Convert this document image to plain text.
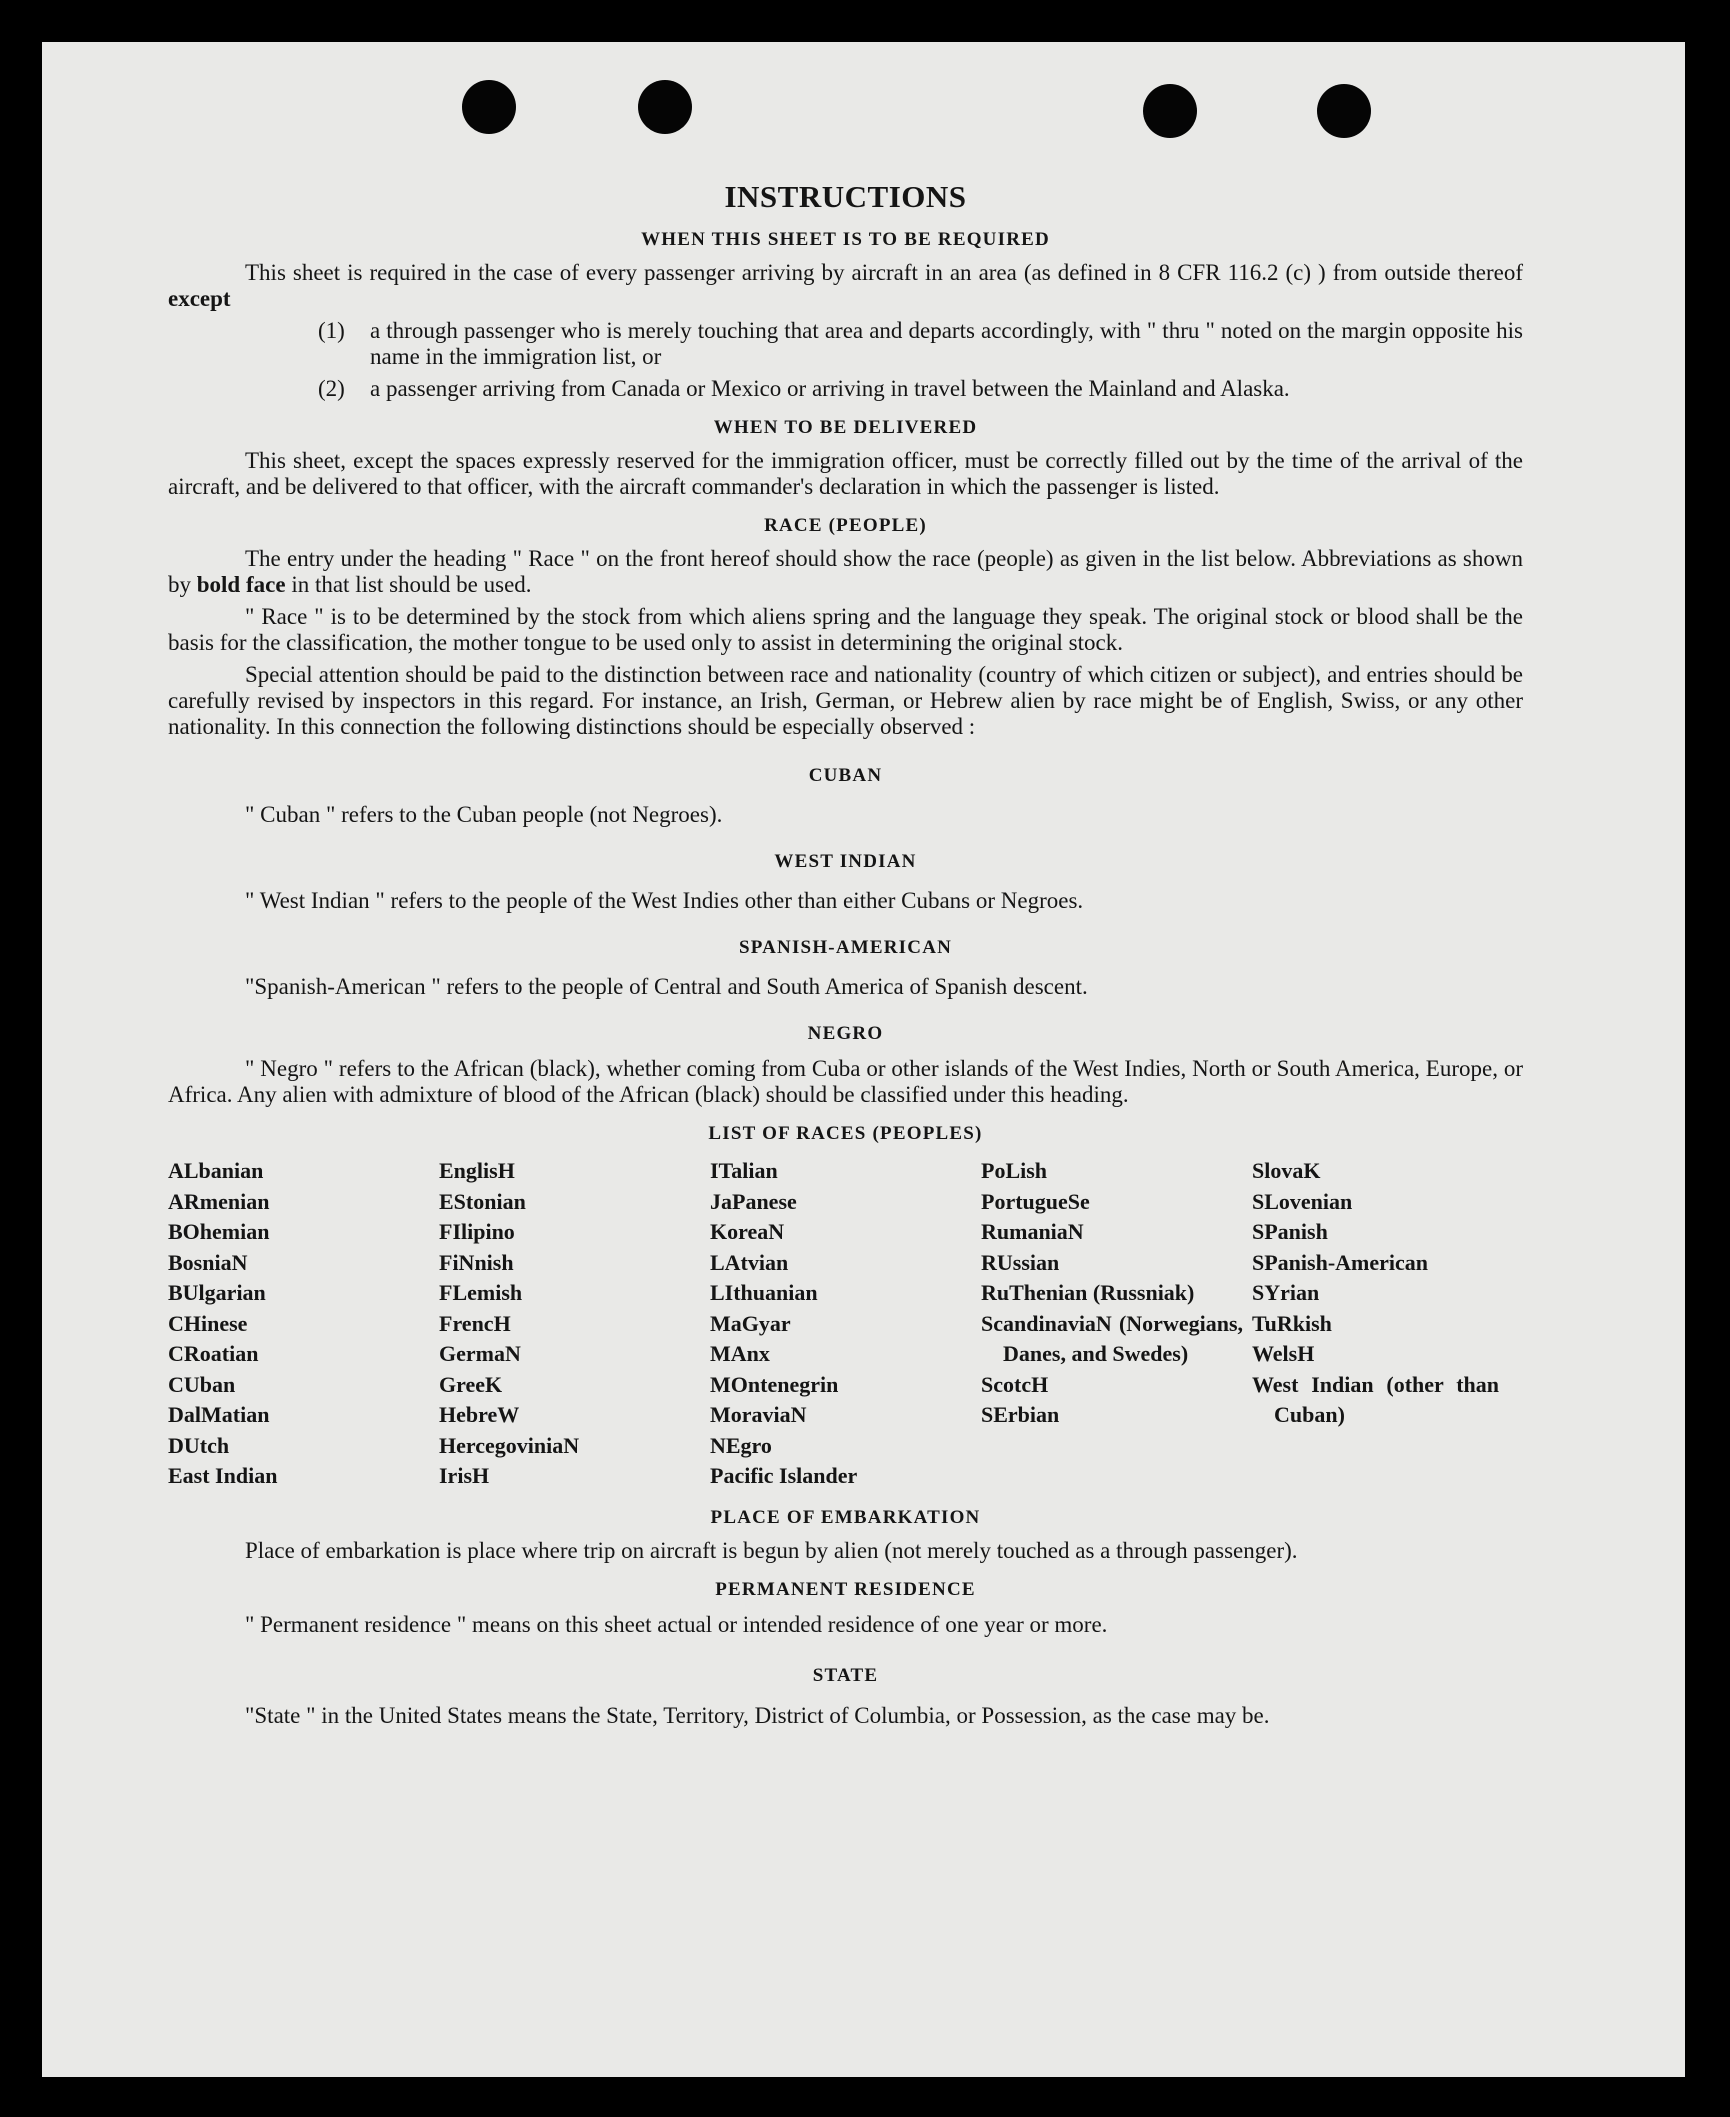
INSTRUCTIONS
WHEN THIS SHEET IS TO BE REQUIRED

This sheet is required in the case of every passenger arriving by aircraft in an area (as defined in 8 CFR 116.2 (c) ) from outside thereof except

(1)	a through passenger who is merely touching that area and departs accordingly, with " thru " noted on the margin opposite his name in the immigration list, or
(2)	a passenger arriving from Canada or Mexico or arriving in travel between the Mainland and Alaska.
WHEN TO BE DELIVERED

This sheet, except the spaces expressly reserved for the immigration officer, must be correctly filled out by the time of the arrival of the aircraft, and be delivered to that officer, with the aircraft commander's declaration in which the passenger is listed.

RACE (PEOPLE)

The entry under the heading " Race " on the front hereof should show the race (people) as given in the list below. Abbreviations as shown by bold face in that list should be used.

" Race " is to be determined by the stock from which aliens spring and the language they speak. The original stock or blood shall be the basis for the classification, the mother tongue to be used only to assist in determining the original stock.

Special attention should be paid to the distinction between race and nationality (country of which citizen or subject), and entries should be carefully revised by inspectors in this regard. For instance, an Irish, German, or Hebrew alien by race might be of English, Swiss, or any other nationality. In this connection the following distinctions should be especially observed :

CUBAN

" Cuban " refers to the Cuban people (not Negroes).

WEST INDIAN

" West Indian " refers to the people of the West Indies other than either Cubans or Negroes.

SPANISH-AMERICAN

"Spanish-American " refers to the people of Central and South America of Spanish descent.

NEGRO

" Negro " refers to the African (black), whether coming from Cuba or other islands of the West Indies, North or South America, Europe, or Africa. Any alien with admixture of blood of the African (black) should be classified under this heading.

LIST OF RACES (PEOPLES)
ALbanian
ARmenian
BOhemian
BosniaN
BUlgarian
CHinese
CRoatian
CUban
DalMatian
DUtch
East Indian
EnglisH
EStonian
FIlipino
FiNnish
FLemish
FrencH
GermaN
GreeK
HebreW
HercegoviniaN
IrisH
ITalian
JaPanese
KoreaN
LAtvian
LIthuanian
MaGyar
MAnx
MOntenegrin
MoraviaN
NEgro
Pacific Islander
PoLish
PortugueSe
RumaniaN
RUssian
RuThenian (Russniak)
ScandinaviaN (Norwegians, Danes, and Swedes)
ScotcH
SErbian
SlovaK
SLovenian
SPanish
SPanish-American
SYrian
TuRkish
WelsH
West Indian (other than Cuban)
PLACE OF EMBARKATION

Place of embarkation is place where trip on aircraft is begun by alien (not merely touched as a through passenger).

PERMANENT RESIDENCE

" Permanent residence " means on this sheet actual or intended residence of one year or more.

STATE

"State " in the United States means the State, Territory, District of Columbia, or Possession, as the case may be.
